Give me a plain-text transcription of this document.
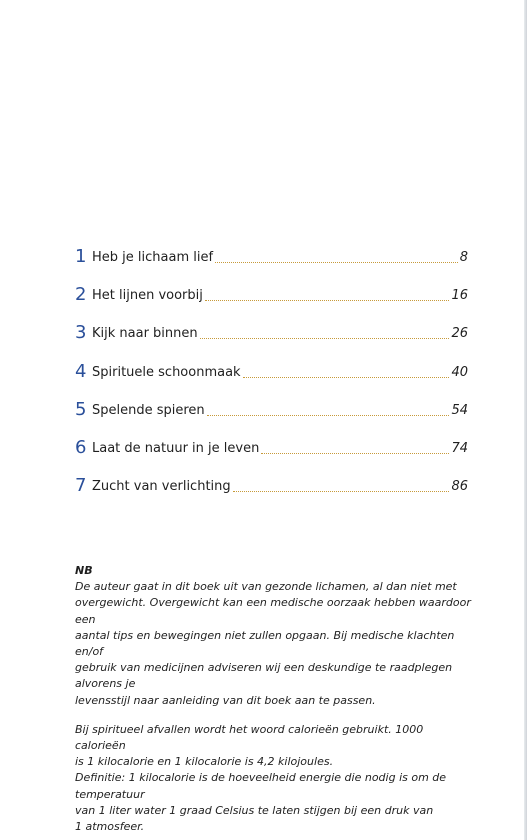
1 Heb je lichaam lief	8
2 Het lijnen voorbij	16
3 Kijk naar binnen	26
4 Spirituele schoonmaak	40
5 Spelende spieren	54
6 Laat de natuur in je leven	74
7 Zucht van verlichting	86

NB

De auteur gaat in dit boek uit van gezonde lichamen, al dan niet met

overgewicht. Overgewicht kan een medische oorzaak hebben waardoor een

aantal tips en bewegingen niet zullen opgaan. Bij medische klachten en/of

gebruik van medicijnen adviseren wij een deskundige te raadplegen alvorens je

levensstijl naar aanleiding van dit boek aan te passen.

Bij spiritueel afvallen wordt het woord calorieën gebruikt. 1000 calorieën

is 1 kilocalorie en 1 kilocalorie is 4,2 kilojoules.

Definitie: 1 kilocalorie is de hoeveelheid energie die nodig is om de temperatuur

van 1 liter water 1 graad Celsius te laten stijgen bij een druk van

1 atmosfeer.
